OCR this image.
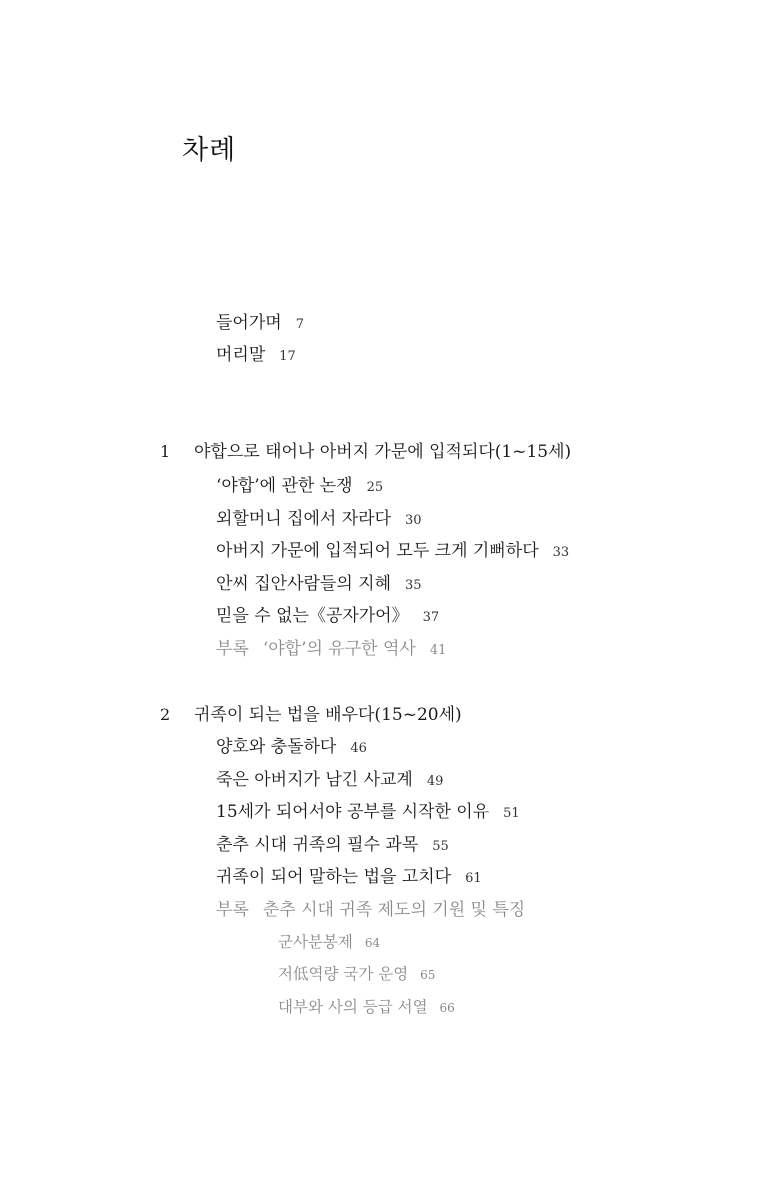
차례
들어가며 7
머리말 17
1 야합으로 태어나 아버지 가문에 입적되다(1~15세)
‘야합’에 관한 논쟁 25
외할머니 집에서 자라다 30
아버지 가문에 입적되어 모두 크게 기뻐하다 33
안씨 집안사람들의 지혜 35
믿을 수 없는《공자가어》 37
부록 ‘야합’의 유구한 역사 41
2 귀족이 되는 법을 배우다(15~20세)
양호와 충돌하다 46
죽은 아버지가 남긴 사교계 49
15세가 되어서야 공부를 시작한 이유 51
춘추 시대 귀족의 필수 과목 55
귀족이 되어 말하는 법을 고치다 61
부록 춘추 시대 귀족 제도의 기원 및 특징
군사분봉제 64
저低역량 국가 운영 65
대부와 사의 등급 서열 66
